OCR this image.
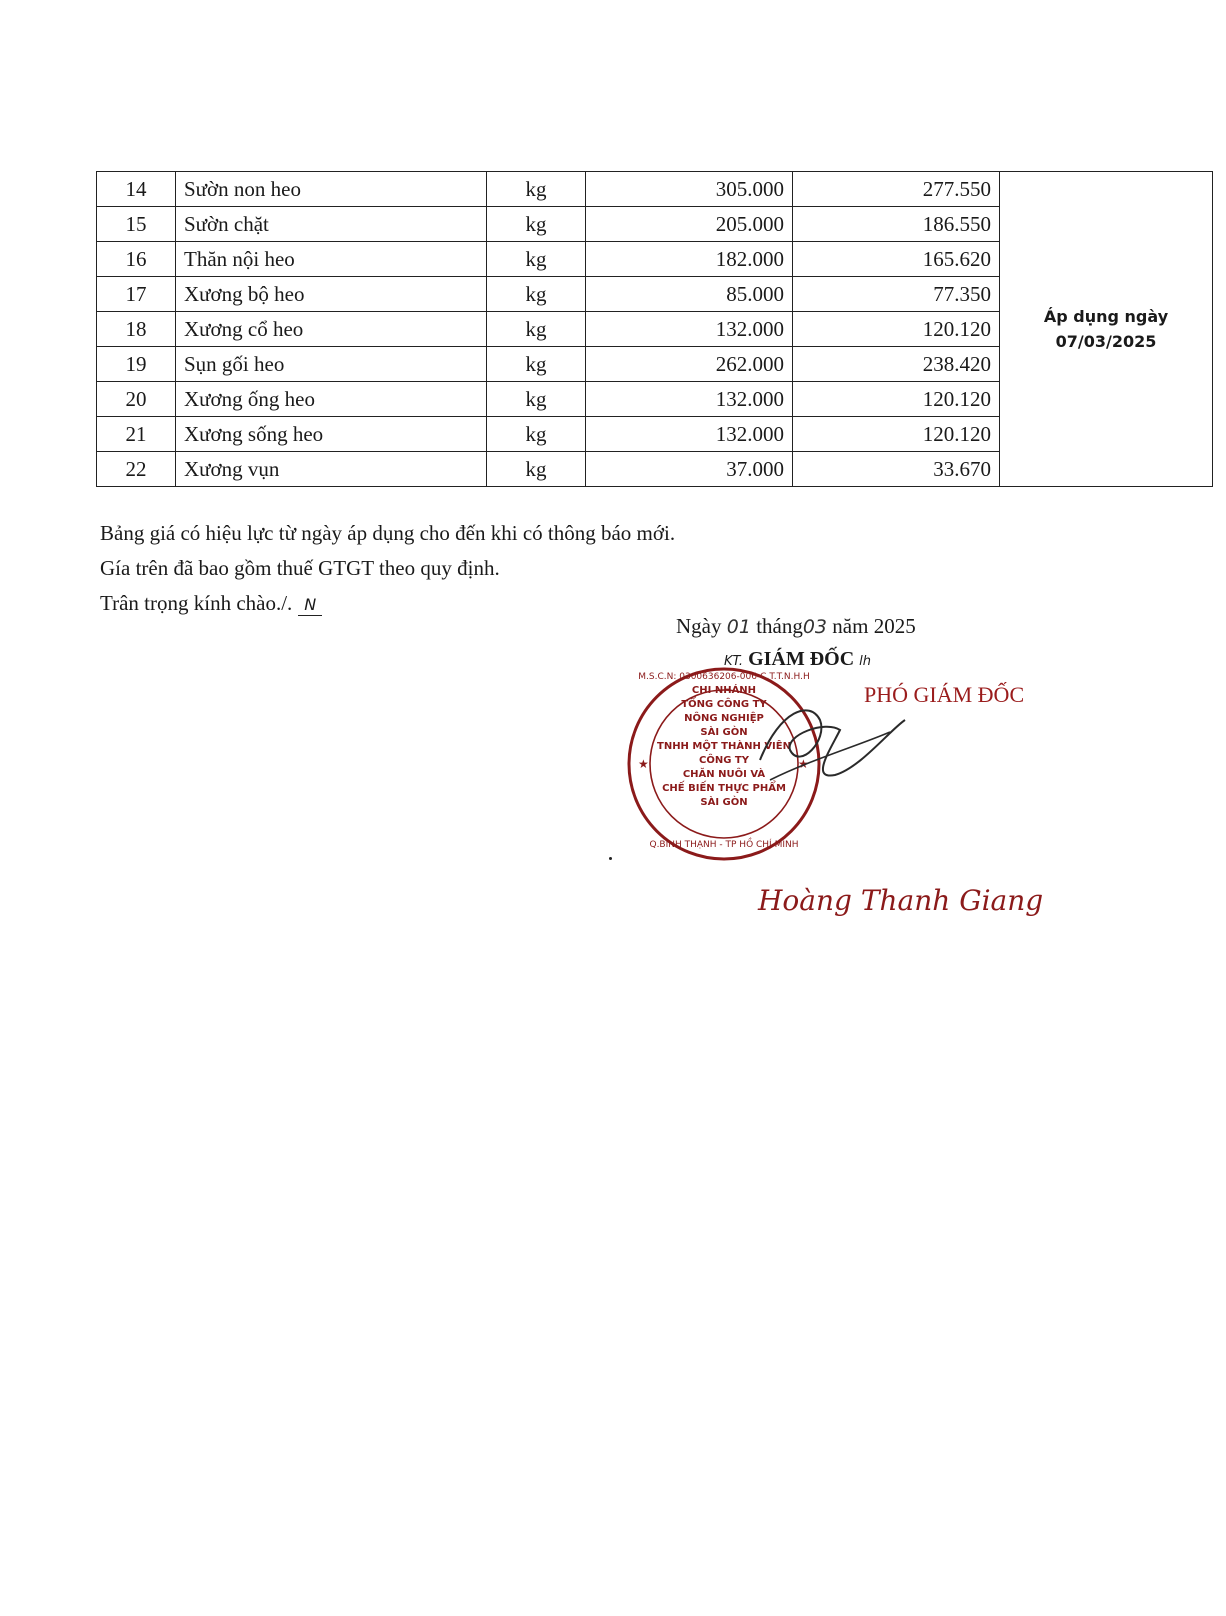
14	Sườn non heo	kg	305.000	277.550	Áp dụng ngày
07/03/2025

15	Sườn chặt	kg	205.000	186.550	
16	Thăn nội heo	kg	182.000	165.620	
17	Xương bộ heo	kg	85.000	77.350	
18	Xương cổ heo	kg	132.000	120.120	
19	Sụn gối heo	kg	262.000	238.420	
20	Xương ống heo	kg	132.000	120.120	
21	Xương sống heo	kg	132.000	120.120	
22	Xương vụn	kg	37.000	33.670	
Bảng giá có hiệu lực từ ngày áp dụng cho đến khi có thông báo mới.
Gía trên đã bao gồm thuế GTGT theo quy định.
Trân trọng kính chào./. N
Ngày 01 tháng03 năm 2025
KT. GIÁM ĐỐC lh
PHÓ GIÁM ĐỐC
★	★
M.S.C.N: 0300636206-006-C.T.T.N.H.H
Q.BÌNH THẠNH - TP HỒ CHÍ MINH
CHI NHÁNH
TỔNG CÔNG TY
NÔNG NGHIỆP
SÀI GÒN
TNHH MỘT THÀNH VIÊN
CÔNG TY
CHĂN NUÔI VÀ
CHẾ BIẾN THỰC PHẨM
SÀI GÒN
Hoàng Thanh Giang
